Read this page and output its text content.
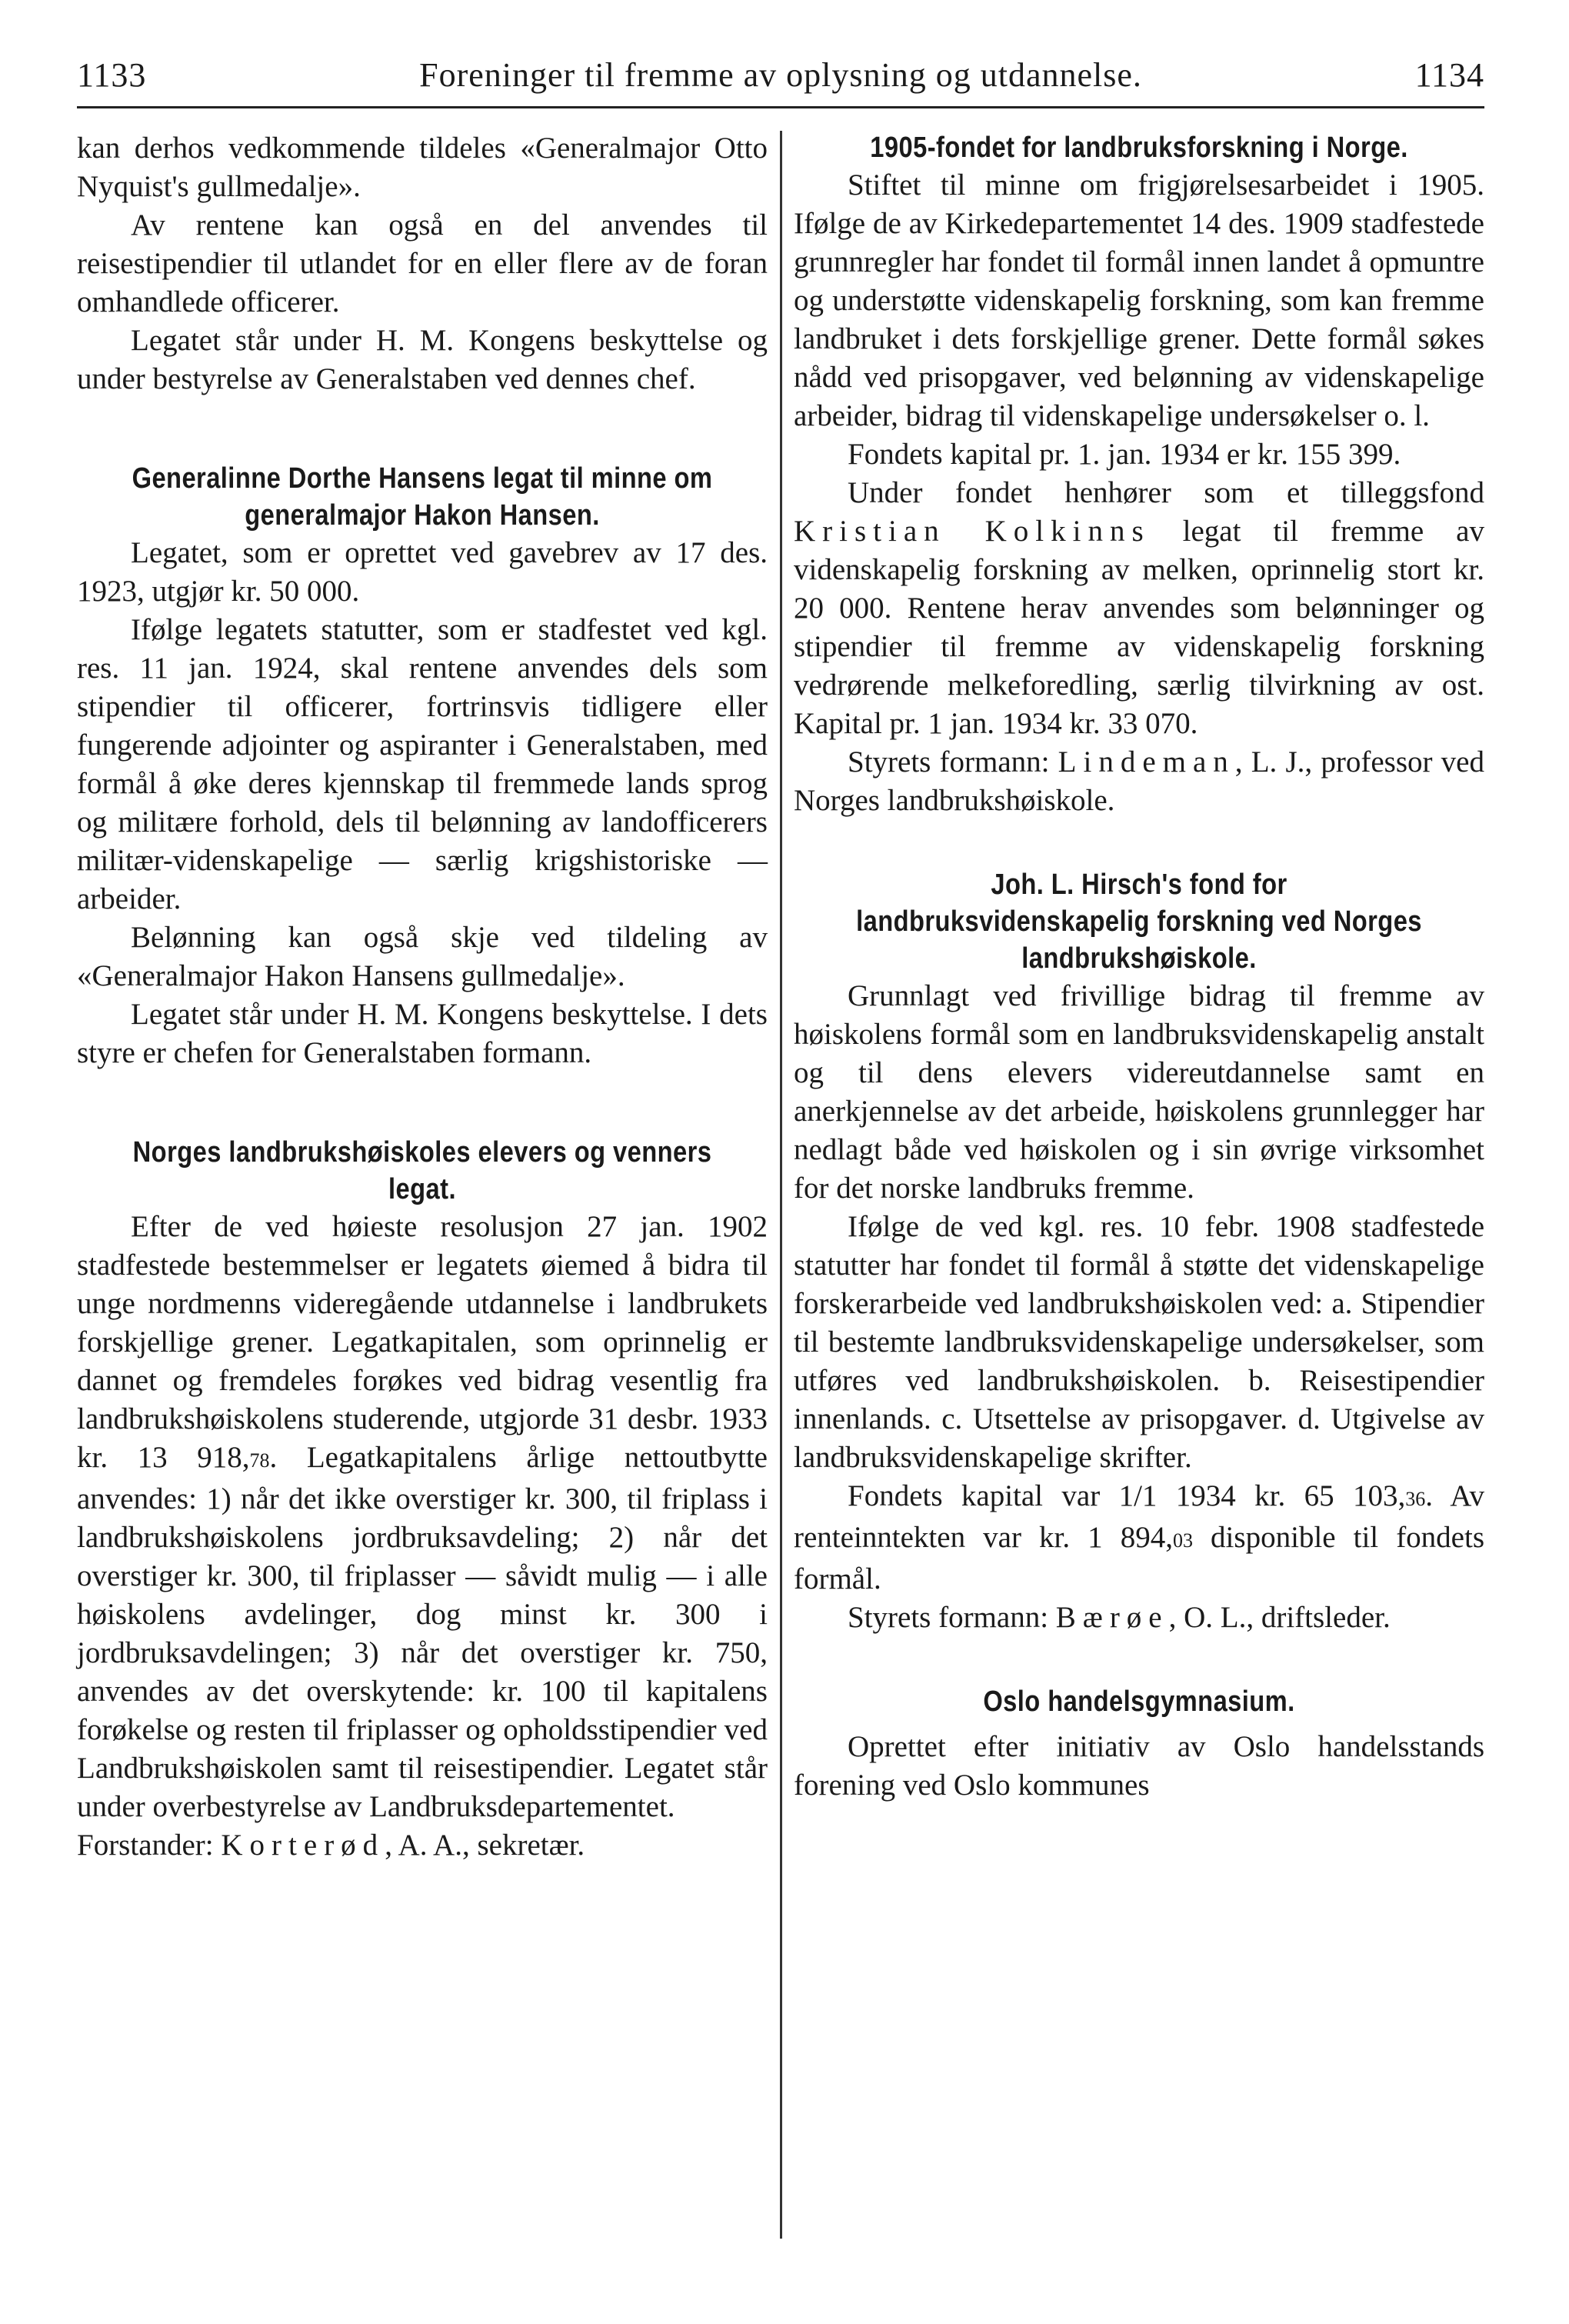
1133	Foreninger til fremme av oplysning og utdannelse.	1134

kan derhos vedkommende tildeles «Generalmajor Otto Nyquist's gullmedalje».

Av rentene kan også en del anvendes til reisestipendier til utlandet for en eller flere av de foran omhandlede officerer.

Legatet står under H. M. Kongens beskyttelse og under bestyrelse av Generalstaben ved dennes chef.

Generalinne Dorthe Hansens legat til minne om generalmajor Hakon Hansen.

Legatet, som er oprettet ved gavebrev av 17 des. 1923, utgjør kr. 50 000.

Ifølge legatets statutter, som er stadfestet ved kgl. res. 11 jan. 1924, skal rentene anvendes dels som stipendier til officerer, fortrinsvis tidligere eller fungerende adjointer og aspiranter i Generalstaben, med formål å øke deres kjennskap til fremmede lands sprog og militære forhold, dels til belønning av landofficerers militær-videnskapelige — særlig krigshistoriske — arbeider.

Belønning kan også skje ved tildeling av «Generalmajor Hakon Hansens gullmedalje».

Legatet står under H. M. Kongens beskyttelse. I dets styre er chefen for Generalstaben formann.

Norges landbrukshøiskoles elevers og venners legat.

Efter de ved høieste resolusjon 27 jan. 1902 stadfestede bestemmelser er legatets øiemed å bidra til unge nordmenns videregående utdannelse i landbrukets forskjellige grener. Legatkapitalen, som oprinnelig er dannet og fremdeles forøkes ved bidrag vesentlig fra landbrukshøiskolens studerende, utgjorde 31 desbr. 1933 kr. 13 918,78. Legatkapitalens årlige nettoutbytte anvendes: 1) når det ikke overstiger kr. 300, til friplass i landbrukshøiskolens jordbruksavdeling; 2) når det overstiger kr. 300, til friplasser — såvidt mulig — i alle høiskolens avdelinger, dog minst kr. 300 i jordbruksavdelingen; 3) når det overstiger kr. 750, anvendes av det overskytende: kr. 100 til kapitalens forøkelse og resten til friplasser og opholdsstipendier ved Landbrukshøiskolen samt til reisestipendier. Legatet står under overbestyrelse av Landbruksdepartementet.

Forstander: Korterød, A. A., sekretær.

1905-fondet for landbruksforskning i Norge.

Stiftet til minne om frigjørelsesarbeidet i 1905. Ifølge de av Kirkedepartementet 14 des. 1909 stadfestede grunnregler har fondet til formål innen landet å opmuntre og understøtte videnskapelig forskning, som kan fremme landbruket i dets forskjellige grener. Dette formål søkes nådd ved prisopgaver, ved belønning av videnskapelige arbeider, bidrag til videnskapelige undersøkelser o. l.

Fondets kapital pr. 1. jan. 1934 er kr. 155 399.

Under fondet henhører som et tilleggsfond Kristian Kolkinns legat til fremme av videnskapelig forskning av melken, oprinnelig stort kr. 20 000. Rentene herav anvendes som belønninger og stipendier til fremme av videnskapelig forskning vedrørende melkeforedling, særlig tilvirkning av ost. Kapital pr. 1 jan. 1934 kr. 33 070.

Styrets formann: Lindeman, L. J., professor ved Norges landbrukshøiskole.

Joh. L. Hirsch's fond for landbruksvidenskapelig forskning ved Norges landbrukshøiskole.

Grunnlagt ved frivillige bidrag til fremme av høiskolens formål som en landbruksvidenskapelig anstalt og til dens elevers videreutdannelse samt en anerkjennelse av det arbeide, høiskolens grunnlegger har nedlagt både ved høiskolen og i sin øvrige virksomhet for det norske landbruks fremme.

Ifølge de ved kgl. res. 10 febr. 1908 stadfestede statutter har fondet til formål å støtte det videnskapelige forskerarbeide ved landbrukshøiskolen ved: a. Stipendier til bestemte landbruksvidenskapelige undersøkelser, som utføres ved landbrukshøiskolen. b. Reisestipendier innenlands. c. Utsettelse av prisopgaver. d. Utgivelse av landbruksvidenskapelige skrifter.

Fondets kapital var 1/1 1934 kr. 65 103,36. Av renteinntekten var kr. 1 894,03 disponible til fondets formål.

Styrets formann: Bærøe, O. L., driftsleder.

Oslo handelsgymnasium.

Oprettet efter initiativ av Oslo handelsstands forening ved Oslo kommunes
